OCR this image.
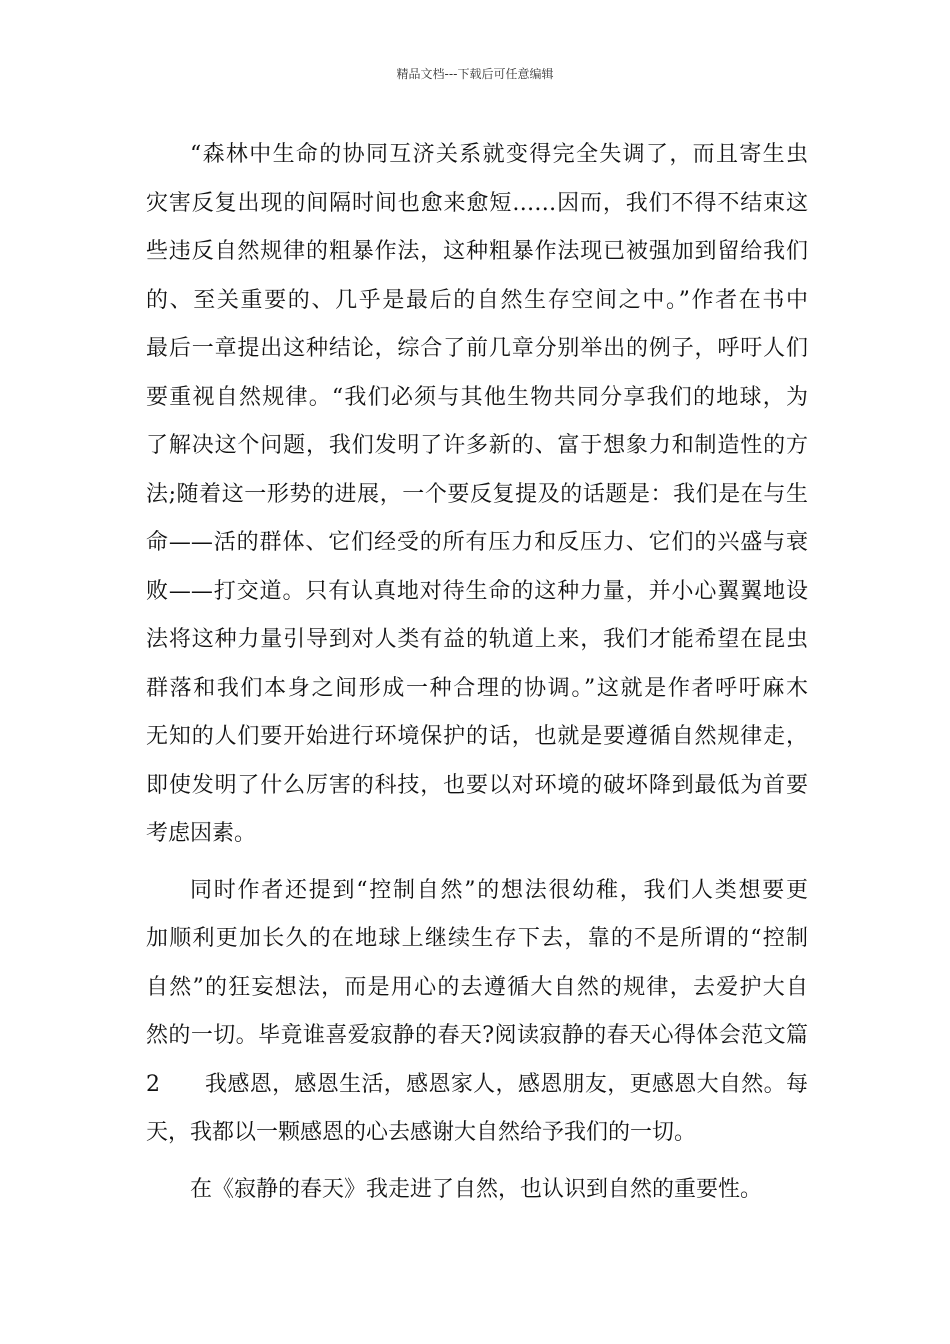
精品文档---下载后可任意编辑
“森林中生命的协同互济关系就变得完全失调了，而且寄生虫
灾害反复出现的间隔时间也愈来愈短……因而，我们不得不结束这
些违反自然规律的粗暴作法，这种粗暴作法现已被强加到留给我们
的、至关重要的、几乎是最后的自然生存空间之中。”作者在书中
最后一章提出这种结论，综合了前几章分别举出的例子，呼吁人们
要重视自然规律。“我们必须与其他生物共同分享我们的地球，为
了解决这个问题，我们发明了许多新的、富于想象力和制造性的方
法;随着这一形势的进展，一个要反复提及的话题是：我们是在与生
命——活的群体、它们经受的所有压力和反压力、它们的兴盛与衰
败——打交道。只有认真地对待生命的这种力量，并小心翼翼地设
法将这种力量引导到对人类有益的轨道上来，我们才能希望在昆虫
群落和我们本身之间形成一种合理的协调。”这就是作者呼吁麻木
无知的人们要开始进行环境保护的话，也就是要遵循自然规律走，
即使发明了什么厉害的科技，也要以对环境的破坏降到最低为首要
考虑因素。
同时作者还提到“控制自然”的想法很幼稚，我们人类想要更
加顺利更加长久的在地球上继续生存下去，靠的不是所谓的“控制
自然”的狂妄想法，而是用心的去遵循大自然的规律，去爱护大自
然的一切。毕竟谁喜爱寂静的春天?阅读寂静的春天心得体会范文篇
2　　我感恩，感恩生活，感恩家人，感恩朋友，更感恩大自然。每
天，我都以一颗感恩的心去感谢大自然给予我们的一切。
在《寂静的春天》我走进了自然，也认识到自然的重要性。
